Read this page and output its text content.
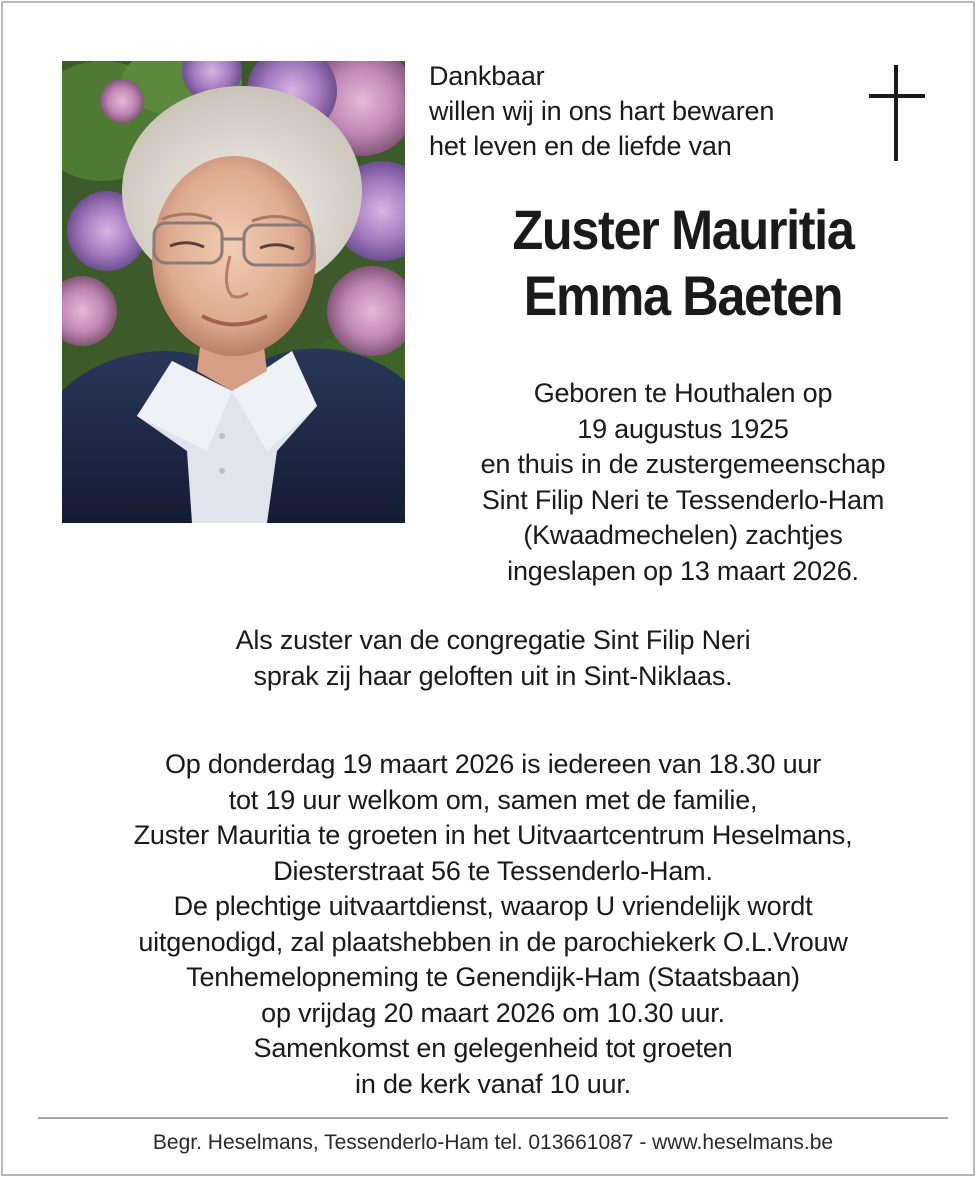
Dankbaar
willen wij in ons hart bewaren
het leven en de liefde van
Zuster Mauritia
Emma Baeten
Geboren te Houthalen op
19 augustus 1925
en thuis in de zustergemeenschap
Sint Filip Neri te Tessenderlo-Ham
(Kwaadmechelen) zachtjes
ingeslapen op 13 maart 2026.
Als zuster van de congregatie Sint Filip Neri
sprak zij haar geloften uit in Sint-Niklaas.
Op donderdag 19 maart 2026 is iedereen van 18.30 uur
tot 19 uur welkom om, samen met de familie,
Zuster Mauritia te groeten in het Uitvaartcentrum Heselmans,
Diesterstraat 56 te Tessenderlo-Ham.
De plechtige uitvaartdienst, waarop U vriendelijk wordt
uitgenodigd, zal plaatshebben in de parochiekerk O.L.Vrouw
Tenhemelopneming te Genendijk-Ham (Staatsbaan)
op vrijdag 20 maart 2026 om 10.30 uur.
Samenkomst en gelegenheid tot groeten
in de kerk vanaf 10 uur.
Begr. Heselmans, Tessenderlo-Ham tel. 013661087 - www.heselmans.be
